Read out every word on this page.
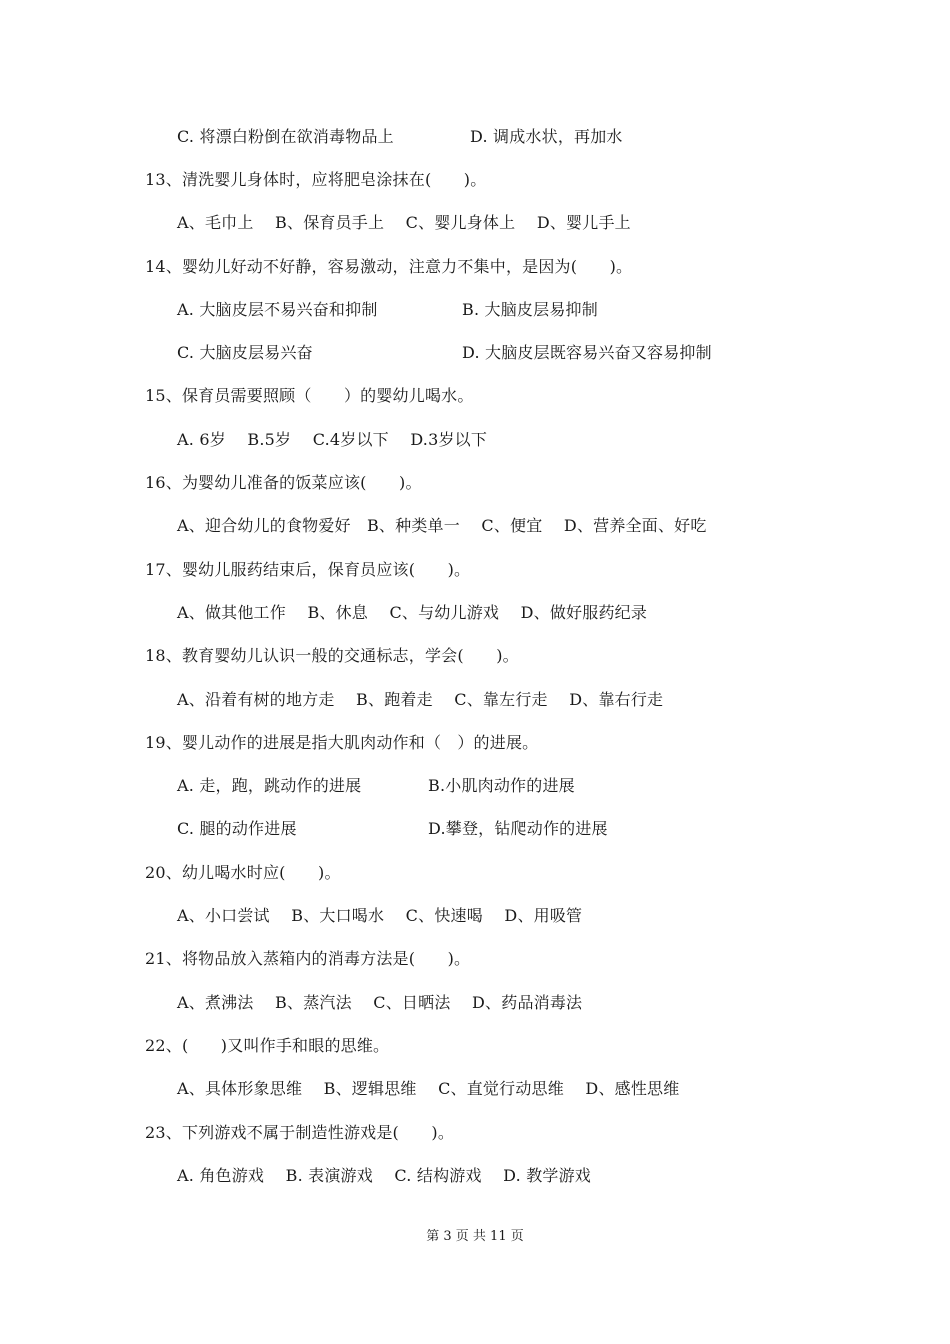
C. 将漂白粉倒在欲消毒物品上	D. 调成水状，再加水
13、清洗婴儿身体时，应将肥皂涂抹在(　　)。
A、毛巾上　 B、保育员手上　 C、婴儿身体上　 D、婴儿手上
14、婴幼儿好动不好静，容易激动，注意力不集中，是因为(　　)。
A. 大脑皮层不易兴奋和抑制	B. 大脑皮层易抑制
C. 大脑皮层易兴奋	D. 大脑皮层既容易兴奋又容易抑制
15、保育员需要照顾（　　）的婴幼儿喝水。
A. 6岁　 B.5岁　 C.4岁以下　 D.3岁以下
16、为婴幼儿准备的饭菜应该(　　)。
A、迎合幼儿的食物爱好　B、种类单一　 C、便宜　 D、营养全面、好吃
17、婴幼儿服药结束后，保育员应该(　　)。
A、做其他工作　 B、休息　 C、与幼儿游戏　 D、做好服药纪录
18、教育婴幼儿认识一般的交通标志，学会(　　)。
A、沿着有树的地方走　 B、跑着走　 C、靠左行走　 D、靠右行走
19、婴儿动作的进展是指大肌肉动作和（　）的进展。
A. 走，跑，跳动作的进展	B.小肌肉动作的进展
C. 腿的动作进展	D.攀登，钻爬动作的进展
20、幼儿喝水时应(　　)。
A、小口尝试　 B、大口喝水　 C、快速喝　 D、用吸管
21、将物品放入蒸箱内的消毒方法是(　　)。
A、煮沸法　 B、蒸汽法　 C、日晒法　 D、药品消毒法
22、(　　)又叫作手和眼的思维。
A、具体形象思维　 B、逻辑思维　 C、直觉行动思维　 D、感性思维
23、下列游戏不属于制造性游戏是(　　)。
A. 角色游戏　 B. 表演游戏　 C. 结构游戏　 D. 教学游戏
第 3 页 共 11 页
